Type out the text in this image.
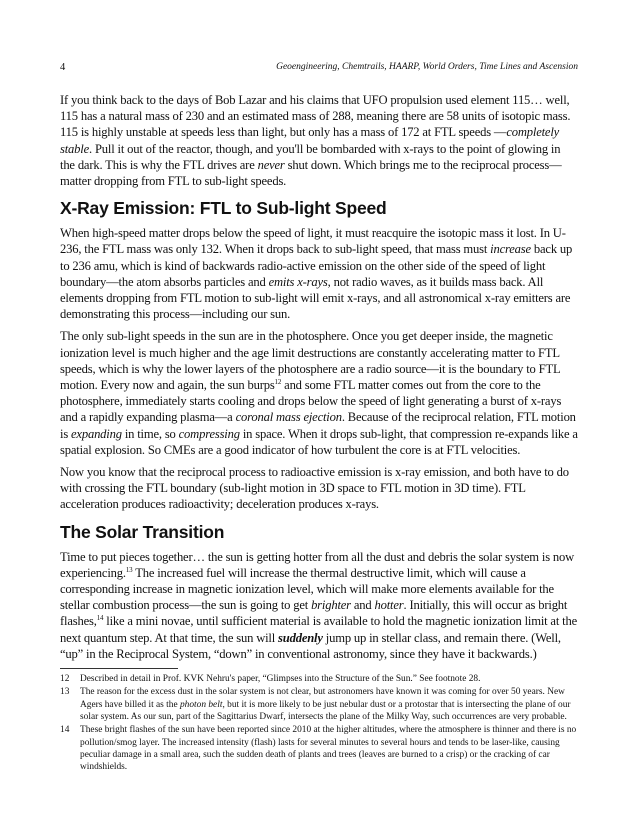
4	Geoengineering, Chemtrails, HAARP, World Orders, Time Lines and Ascension

If you think back to the days of Bob Lazar and his claims that UFO propulsion used element 115… well, 115 has a natural mass of 230 and an estimated mass of 288, meaning there are 58 units of isotopic mass. 115 is highly unstable at speeds less than light, but only has a mass of 172 at FTL speeds —completely stable. Pull it out of the reactor, though, and you'll be bombarded with x-rays to the point of glowing in the dark. This is why the FTL drives are never shut down. Which brings me to the reciprocal process—matter dropping from FTL to sub-light speeds.

X-Ray Emission: FTL to Sub-light Speed

When high-speed matter drops below the speed of light, it must reacquire the isotopic mass it lost. In U-236, the FTL mass was only 132. When it drops back to sub-light speed, that mass must increase back up to 236 amu, which is kind of backwards radio-active emission on the other side of the speed of light boundary—the atom absorbs particles and emits x-rays, not radio waves, as it builds mass back. All elements dropping from FTL motion to sub-light will emit x-rays, and all astronomical x-ray emitters are demonstrating this process—including our sun.

The only sub-light speeds in the sun are in the photosphere. Once you get deeper inside, the magnetic ionization level is much higher and the age limit destructions are constantly accelerating matter to FTL speeds, which is why the lower layers of the photosphere are a radio source—it is the boundary to FTL motion. Every now and again, the sun burps$^{12}$ and some FTL matter comes out from the core to the photosphere, immediately starts cooling and drops below the speed of light generating a burst of x-rays and a rapidly expanding plasma—a coronal mass ejection. Because of the reciprocal relation, FTL motion is expanding in time, so compressing in space. When it drops sub-light, that compression re-expands like a spatial explosion. So CMEs are a good indicator of how turbulent the core is at FTL velocities.

Now you know that the reciprocal process to radioactive emission is x-ray emission, and both have to do with crossing the FTL boundary (sub-light motion in 3D space to FTL motion in 3D time). FTL acceleration produces radioactivity; deceleration produces x-rays.

The Solar Transition

Time to put pieces together… the sun is getting hotter from all the dust and debris the solar system is now experiencing.$^{13}$ The increased fuel will increase the thermal destructive limit, which will cause a corresponding increase in magnetic ionization level, which will make more elements available for the stellar combustion process—the sun is going to get brighter and hotter. Initially, this will occur as bright flashes,$^{14}$ like a mini novae, until sufficient material is available to hold the magnetic ionization limit at the next quantum step. At that time, the sun will suddenly jump up in stellar class, and remain there. (Well, “up” in the Reciprocal System, “down” in conventional astronomy, since they have it backwards.)

12 Described in detail in Prof. KVK Nehru's paper, “Glimpses into the Structure of the Sun.” See footnote 28.
13 The reason for the excess dust in the solar system is not clear, but astronomers have known it was coming for over 50 years. New Agers have billed it as the photon belt, but it is more likely to be just nebular dust or a protostar that is intersecting the plane of our solar system. As our sun, part of the Sagittarius Dwarf, intersects the plane of the Milky Way, such occurrences are very probable.
14 These bright flashes of the sun have been reported since 2010 at the higher altitudes, where the atmosphere is thinner and there is no pollution/smog layer. The increased intensity (flash) lasts for several minutes to several hours and tends to be laser-like, causing peculiar damage in a small area, such the sudden death of plants and trees (leaves are burned to a crisp) or the cracking of car windshields.
